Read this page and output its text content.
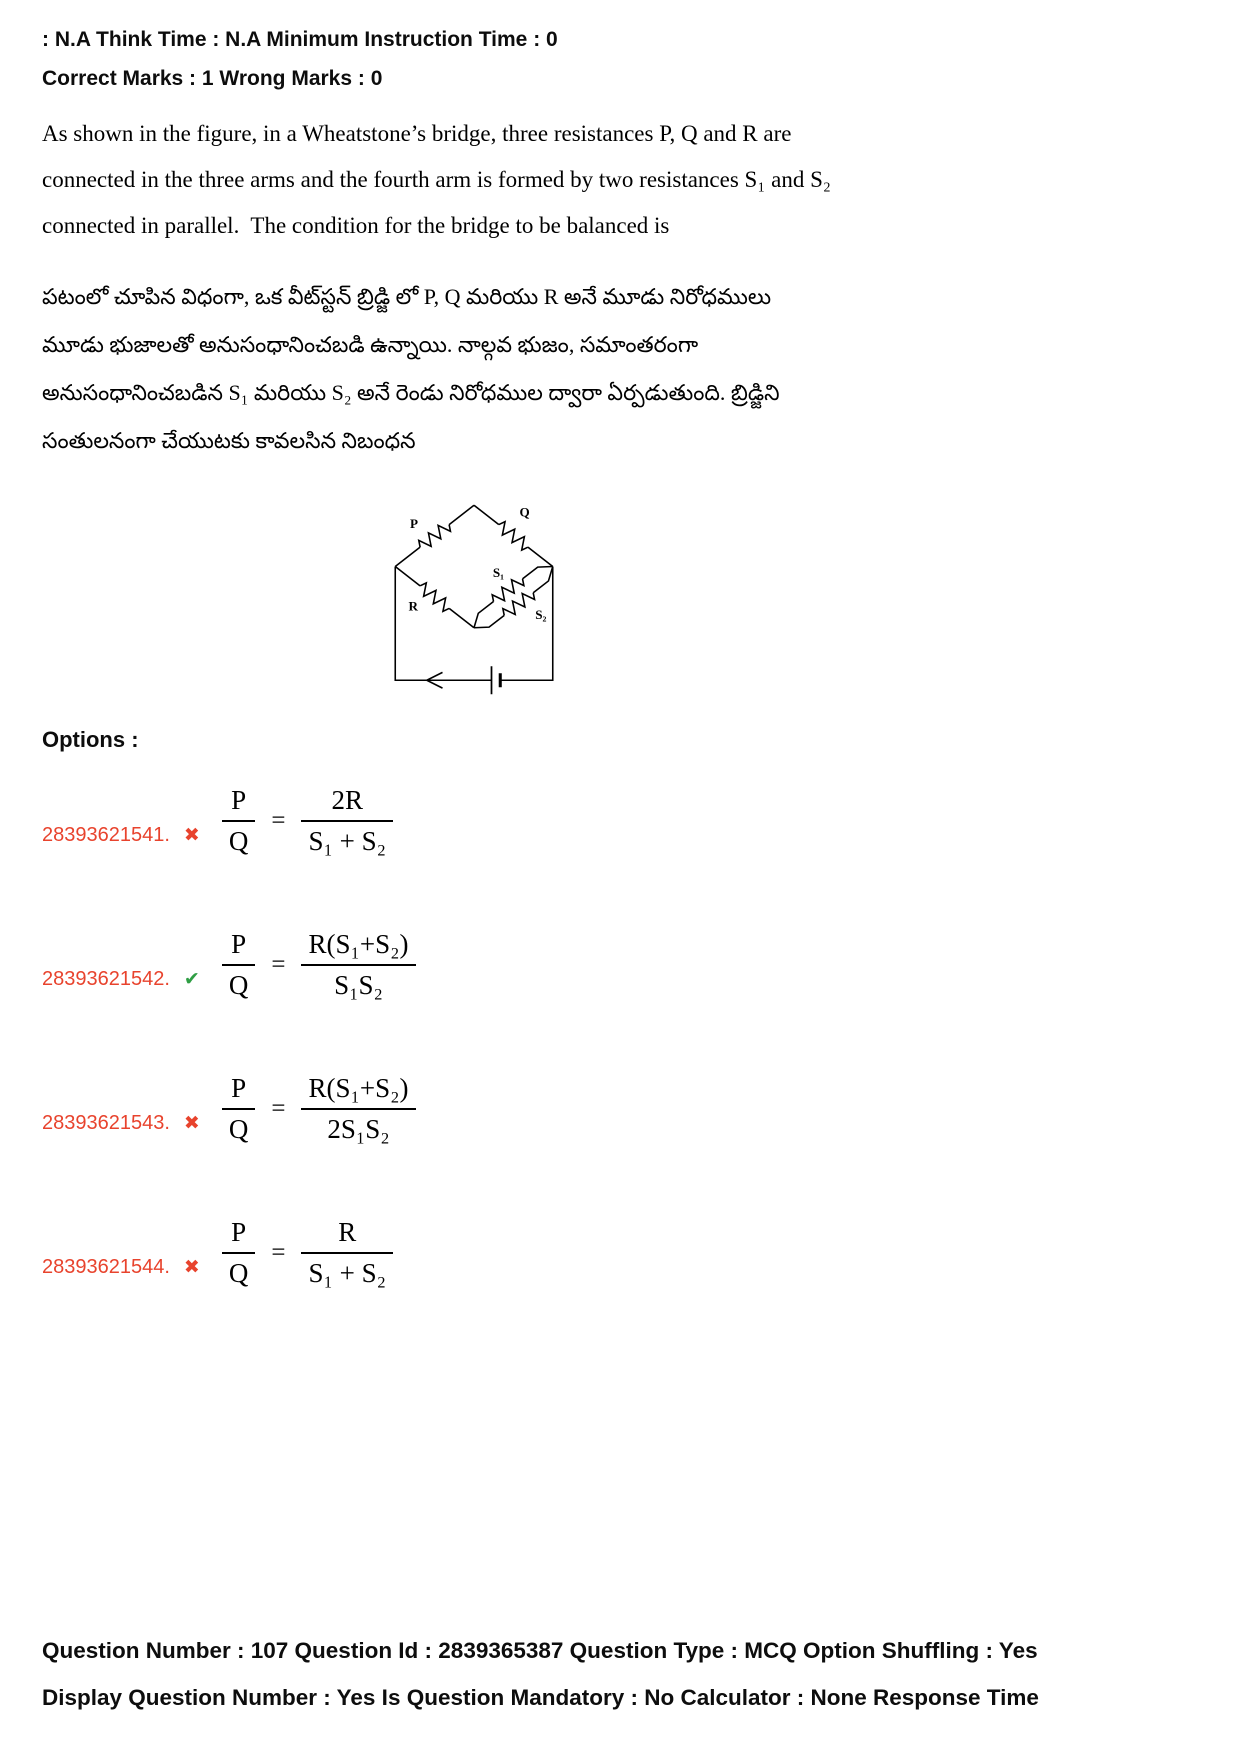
: N.A Think Time : N.A Minimum Instruction Time : 0
Correct Marks : 1 Wrong Marks : 0
As shown in the figure, in a Wheatstone’s bridge, three resistances P, Q and R are
connected in the three arms and the fourth arm is formed by two resistances S₁ and S₂
connected in parallel.  The condition for the bridge to be balanced is
పటంలో చూపిన విధంగా, ఒక వీట్‌స్టన్ బ్రిడ్జి లో P, Q మరియు R అనే మూడు నిరోధములు
మూడు భుజాలతో అనుసంధానించబడి ఉన్నాయి. నాల్గవ భుజం, సమాంతరంగా
అనుసంధానించబడిన S₁ మరియు S₂ అనే రెండు నిరోధముల ద్వారా ఏర్పడుతుంది. బ్రిడ్జిని
సంతులనంగా చేయుటకు కావలసిన నిబంధన
P
Q
R
S₁
S₂
Options :
28393621541. ✖ $\frac{P}{Q} = \frac{2R}{\text{S₁ + S₂}}$
28393621542. ✔ $\frac{P}{Q} = \frac{\text{R(S₁+S₂)}}{\text{S₁S₂}}$
28393621543. ✖ $\frac{P}{Q} = \frac{\text{R(S₁+S₂)}}{\text{2S₁S₂}}$
28393621544. ✖ $\frac{P}{Q} = \frac{R}{\text{S₁ + S₂}}$
Question Number : 107 Question Id : 2839365387 Question Type : MCQ Option Shuffling : Yes
Display Question Number : Yes Is Question Mandatory : No Calculator : None Response Time
